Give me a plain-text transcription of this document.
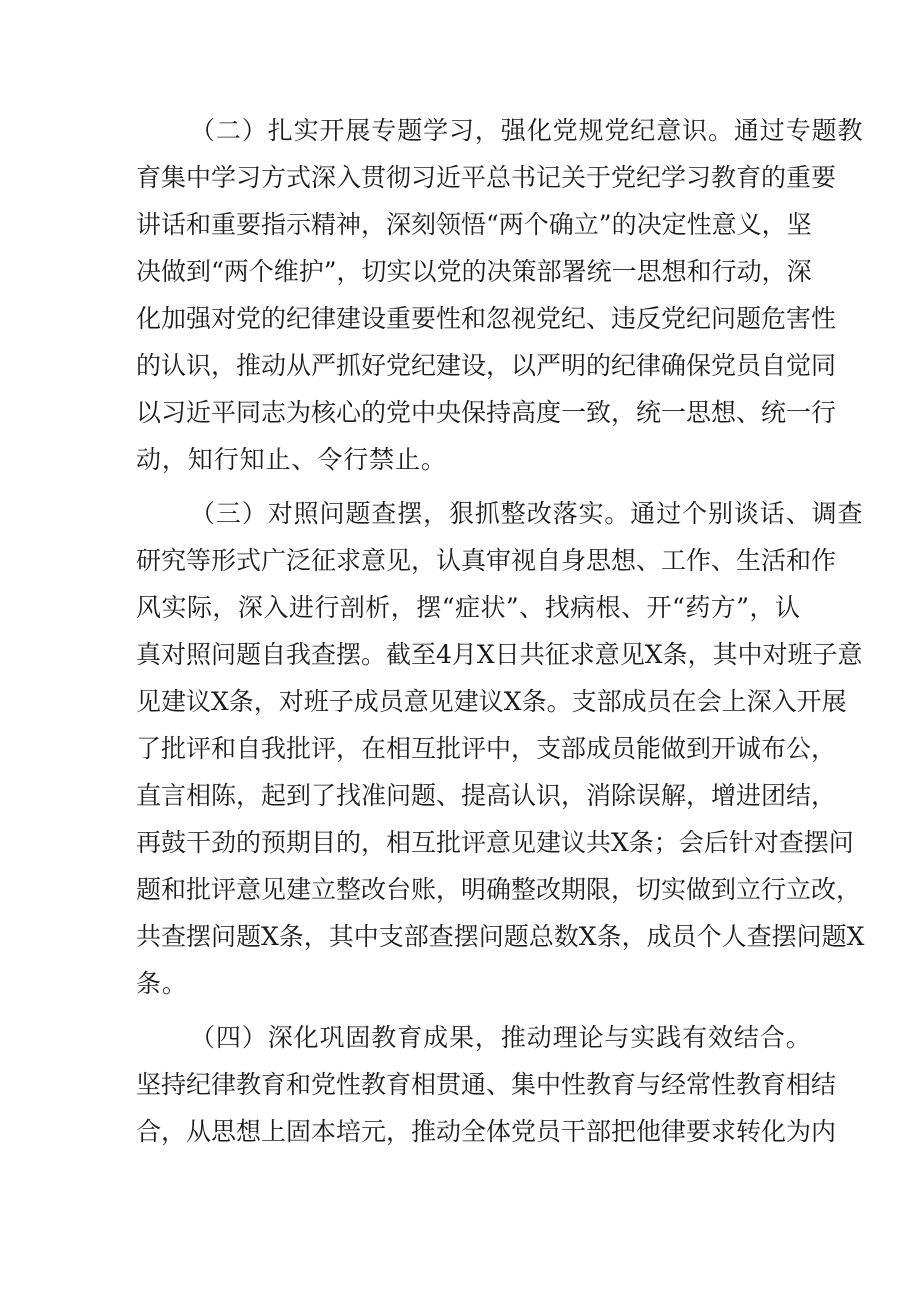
（二）扎实开展专题学习，强化党规党纪意识。通过专题教

育集中学习方式深入贯彻习近平总书记关于党纪学习教育的重要

讲话和重要指示精神，深刻领悟“两个确立”的决定性意义，坚

决做到“两个维护”，切实以党的决策部署统一思想和行动，深

化加强对党的纪律建设重要性和忽视党纪、违反党纪问题危害性

的认识，推动从严抓好党纪建设，以严明的纪律确保党员自觉同

以习近平同志为核心的党中央保持高度一致，统一思想、统一行

动，知行知止、令行禁止。

（三）对照问题查摆，狠抓整改落实。通过个别谈话、调查

研究等形式广泛征求意见，认真审视自身思想、工作、生活和作

风实际，深入进行剖析，摆“症状”、找病根、开“药方”，认

真对照问题自我查摆。截至4月X日共征求意见X条，其中对班子意

见建议X条，对班子成员意见建议X条。支部成员在会上深入开展

了批评和自我批评，在相互批评中，支部成员能做到开诚布公，

直言相陈，起到了找准问题、提高认识，消除误解，增进团结，

再鼓干劲的预期目的，相互批评意见建议共X条；会后针对查摆问

题和批评意见建立整改台账，明确整改期限，切实做到立行立改，

共查摆问题X条，其中支部查摆问题总数X条，成员个人查摆问题X

条。

（四）深化巩固教育成果，推动理论与实践有效结合。

坚持纪律教育和党性教育相贯通、集中性教育与经常性教育相结

合，从思想上固本培元，推动全体党员干部把他律要求转化为内
